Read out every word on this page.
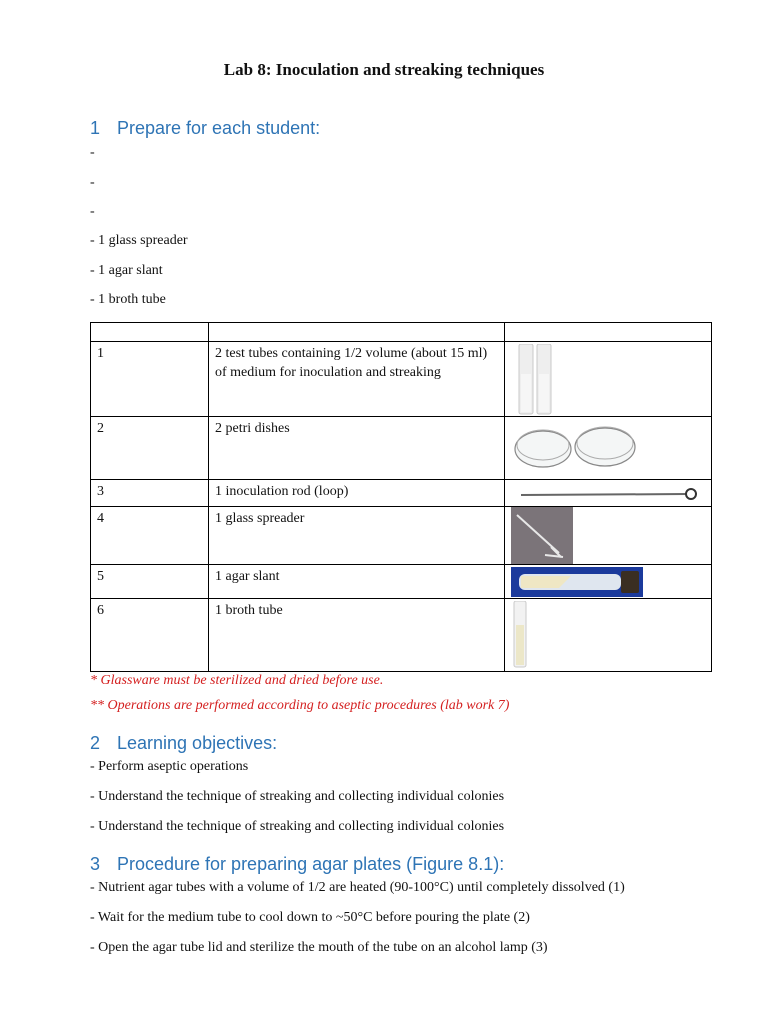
Lab 8: Inoculation and streaking techniques
1 Prepare for each student:

-

-

-

- 1 glass spreader

- 1 agar slant

- 1 broth tube

1	2 test tubes containing 1/2 volume (about 15 ml) of medium for inoculation and streaking	

2	2 petri dishes	

3	1 inoculation rod (loop)	

4	1 glass spreader	

5	1 agar slant	

6	1 broth tube	

* Glassware must be sterilized and dried before use.

** Operations are performed according to aseptic procedures (lab work 7)

2 Learning objectives:

- Perform aseptic operations

- Understand the technique of streaking and collecting individual colonies

- Understand the technique of streaking and collecting individual colonies

3 Procedure for preparing agar plates (Figure 8.1):

- Nutrient agar tubes with a volume of 1/2 are heated (90-100°C) until completely dissolved (1)

- Wait for the medium tube to cool down to ~50°C before pouring the plate (2)

- Open the agar tube lid and sterilize the mouth of the tube on an alcohol lamp (3)
